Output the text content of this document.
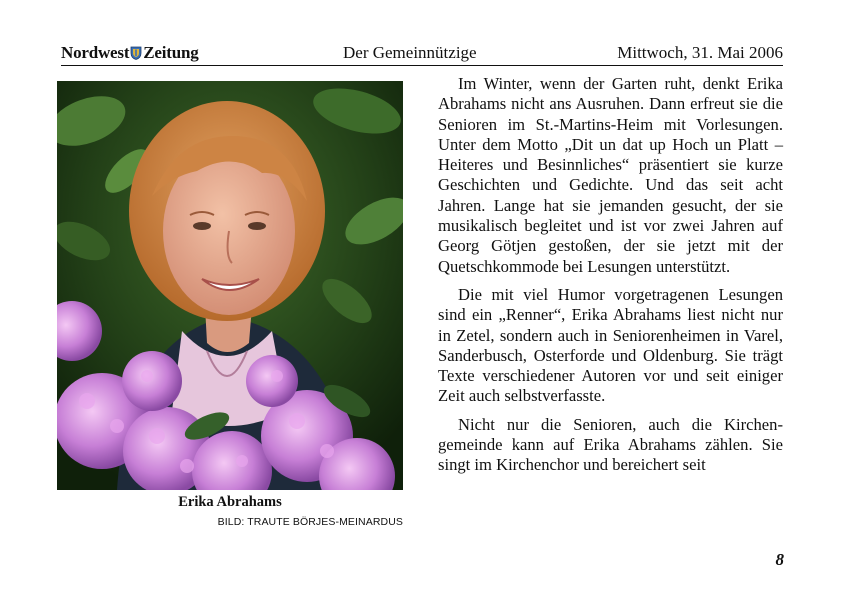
Nordwest Zeitung	Der Gemeinnützige	Mittwoch, 31. Mai 2006
Erika Abrahams
BILD: TRAUTE BÖRJES-MEINARDUS

Im Winter, wenn der Garten ruht, denkt Erika Abrahams nicht ans Ausruhen. Dann erfreut sie die Senioren im St.-Martins-Heim mit Vorlesungen. Unter dem Motto „Dit un dat up Hoch un Platt – Heiteres und Besinnliches“ präsentiert sie kurze Geschichten und Gedichte. Und das seit acht Jahren. Lange hat sie jemanden gesucht, der sie musikalisch begleitet und ist vor zwei Jahren auf Georg Götjen gestoßen, der sie jetzt mit der Quetschkommode bei Lesungen unterstützt.

Die mit viel Humor vorgetragenen Lesungen sind ein „Renner“, Erika Abrahams liest nicht nur in Zetel, sondern auch in Seniorenheimen in Varel, Sanderbusch, Osterforde und Oldenburg. Sie trägt Texte verschiedener Autoren vor und seit einiger Zeit auch selbstverfasste.

Nicht nur die Senioren, auch die Kirchengemeinde kann auf Erika Abrahams zählen. Sie singt im Kirchenchor und bereichert seit

8
